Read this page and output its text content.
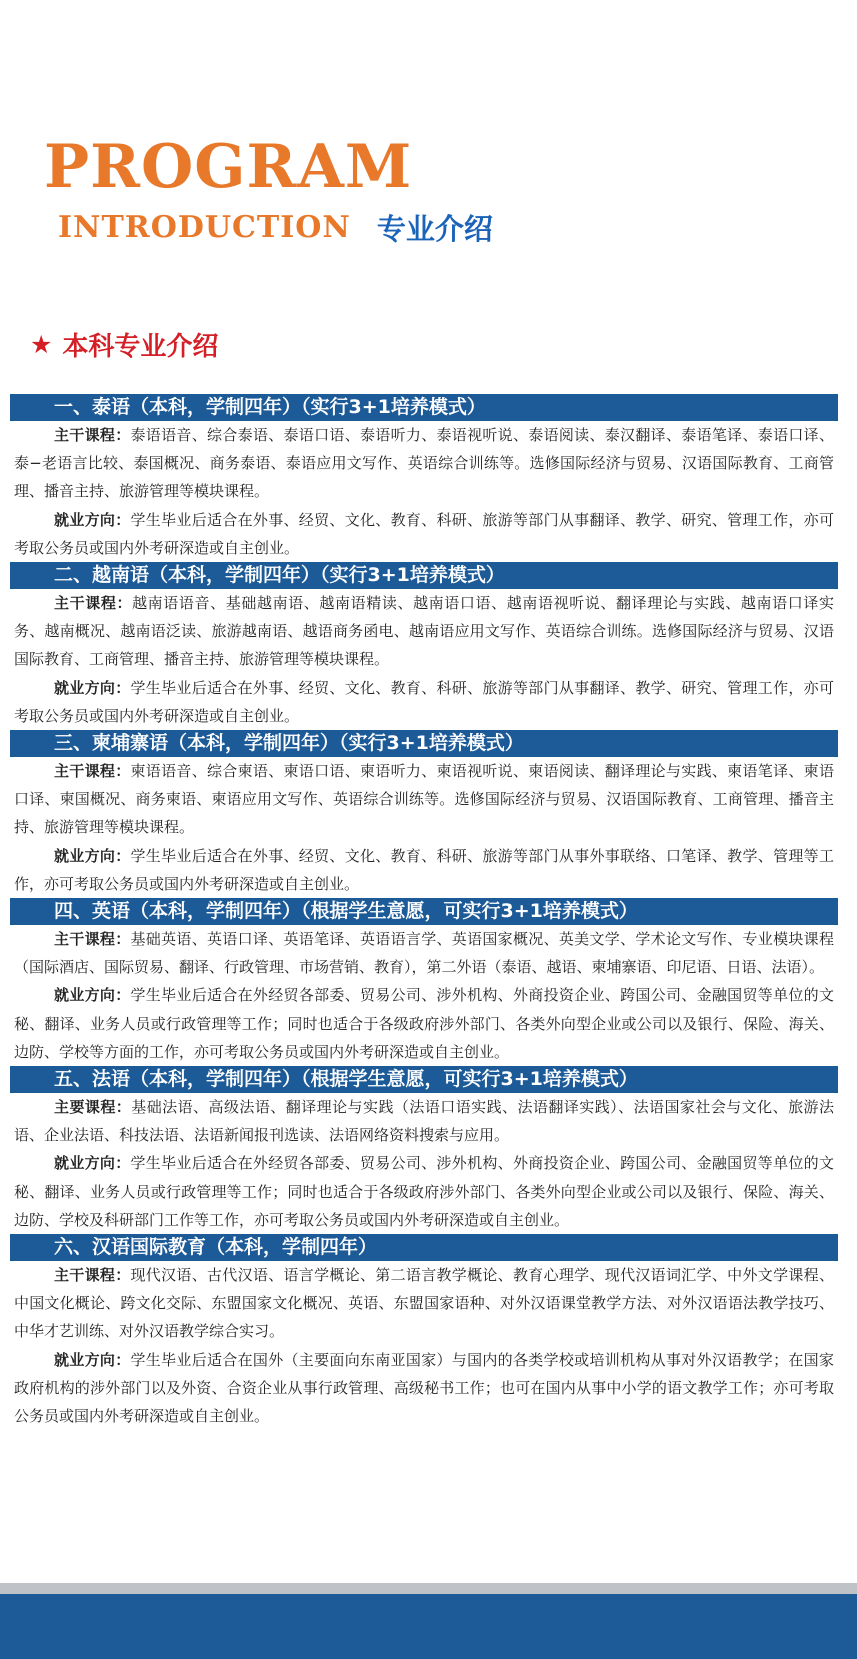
PROGRAM
INTRODUCTION 专业介绍
★ 本科专业介绍
一、泰语（本科，学制四年）（实行3+1培养模式）

主干课程：泰语语音、综合泰语、泰语口语、泰语听力、泰语视听说、泰语阅读、泰汉翻译、泰语笔译、泰语口译、泰−老语言比较、泰国概况、商务泰语、泰语应用文写作、英语综合训练等。选修国际经济与贸易、汉语国际教育、工商管理、播音主持、旅游管理等模块课程。

就业方向：学生毕业后适合在外事、经贸、文化、教育、科研、旅游等部门从事翻译、教学、研究、管理工作，亦可考取公务员或国内外考研深造或自主创业。

二、越南语（本科，学制四年）（实行3+1培养模式）

主干课程：越南语语音、基础越南语、越南语精读、越南语口语、越南语视听说、翻译理论与实践、越南语口译实务、越南概况、越南语泛读、旅游越南语、越语商务函电、越南语应用文写作、英语综合训练。选修国际经济与贸易、汉语国际教育、工商管理、播音主持、旅游管理等模块课程。

就业方向：学生毕业后适合在外事、经贸、文化、教育、科研、旅游等部门从事翻译、教学、研究、管理工作，亦可考取公务员或国内外考研深造或自主创业。

三、柬埔寨语（本科，学制四年）（实行3+1培养模式）

主干课程：柬语语音、综合柬语、柬语口语、柬语听力、柬语视听说、柬语阅读、翻译理论与实践、柬语笔译、柬语口译、柬国概况、商务柬语、柬语应用文写作、英语综合训练等。选修国际经济与贸易、汉语国际教育、工商管理、播音主持、旅游管理等模块课程。

就业方向：学生毕业后适合在外事、经贸、文化、教育、科研、旅游等部门从事外事联络、口笔译、教学、管理等工作，亦可考取公务员或国内外考研深造或自主创业。

四、英语（本科，学制四年）（根据学生意愿，可实行3+1培养模式）

主干课程：基础英语、英语口译、英语笔译、英语语言学、英语国家概况、英美文学、学术论文写作、专业模块课程（国际酒店、国际贸易、翻译、行政管理、市场营销、教育），第二外语（泰语、越语、柬埔寨语、印尼语、日语、法语）。

就业方向：学生毕业后适合在外经贸各部委、贸易公司、涉外机构、外商投资企业、跨国公司、金融国贸等单位的文秘、翻译、业务人员或行政管理等工作；同时也适合于各级政府涉外部门、各类外向型企业或公司以及银行、保险、海关、边防、学校等方面的工作，亦可考取公务员或国内外考研深造或自主创业。

五、法语（本科，学制四年）（根据学生意愿，可实行3+1培养模式）

主要课程：基础法语、高级法语、翻译理论与实践（法语口语实践、法语翻译实践）、法语国家社会与文化、旅游法语、企业法语、科技法语、法语新闻报刊选读、法语网络资料搜索与应用。

就业方向：学生毕业后适合在外经贸各部委、贸易公司、涉外机构、外商投资企业、跨国公司、金融国贸等单位的文秘、翻译、业务人员或行政管理等工作；同时也适合于各级政府涉外部门、各类外向型企业或公司以及银行、保险、海关、边防、学校及科研部门工作等工作，亦可考取公务员或国内外考研深造或自主创业。

六、汉语国际教育（本科，学制四年）

主干课程：现代汉语、古代汉语、语言学概论、第二语言教学概论、教育心理学、现代汉语词汇学、中外文学课程、中国文化概论、跨文化交际、东盟国家文化概况、英语、东盟国家语种、对外汉语课堂教学方法、对外汉语语法教学技巧、中华才艺训练、对外汉语教学综合实习。

就业方向：学生毕业后适合在国外（主要面向东南亚国家）与国内的各类学校或培训机构从事对外汉语教学；在国家政府机构的涉外部门以及外资、合资企业从事行政管理、高级秘书工作；也可在国内从事中小学的语文教学工作；亦可考取公务员或国内外考研深造或自主创业。
